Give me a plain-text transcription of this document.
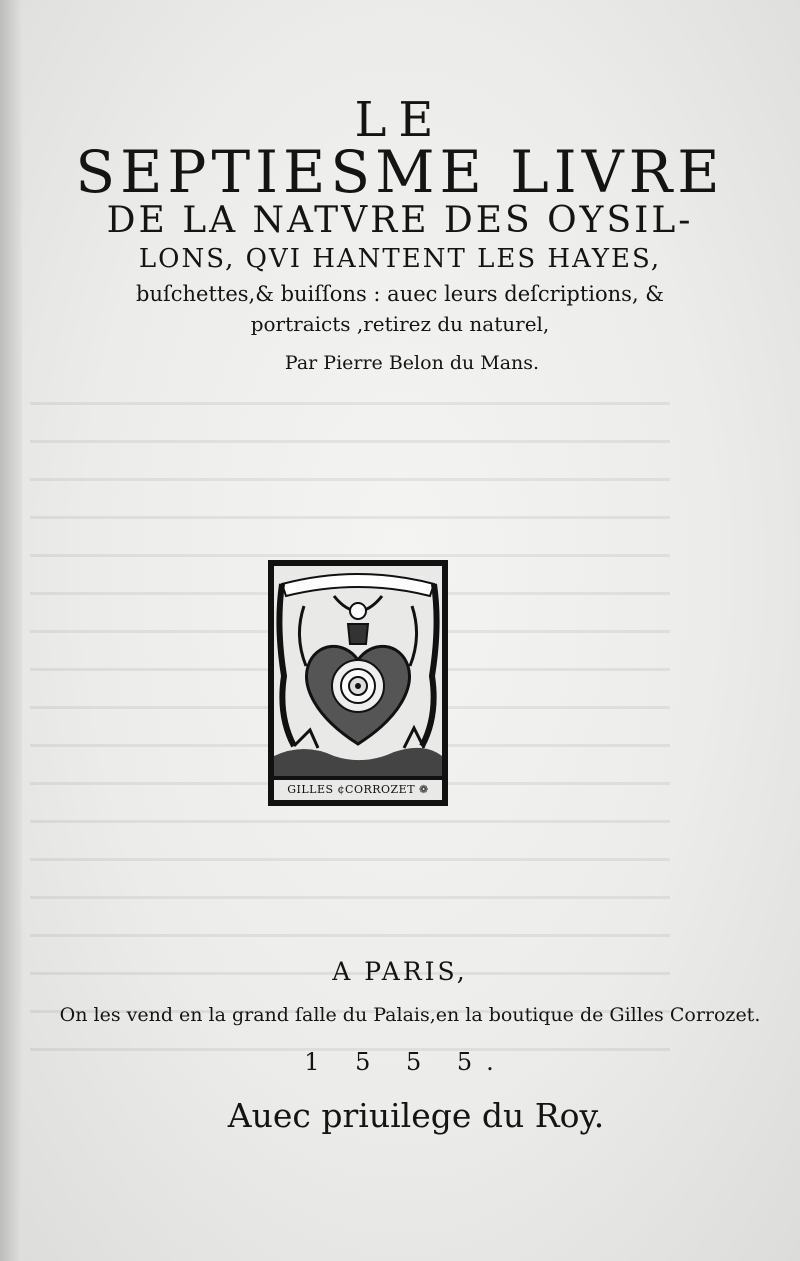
LE
SEPTIESME LIVRE
DE LA NATVRE DES OYSIL-
LONS, QVI HANTENT LES HAYES,
buſchettes,& buiſſons : auec leurs deſcriptions, &
portraicts ,retirez du naturel,
Par Pierre Belon du Mans.
GILLES ¢CORROZET ❁
A PARIS,
On les vend en la grand ſalle du Palais,en la boutique de Gilles Corrozet.
1 5 5 5.
Auec priuilege du Roy.
